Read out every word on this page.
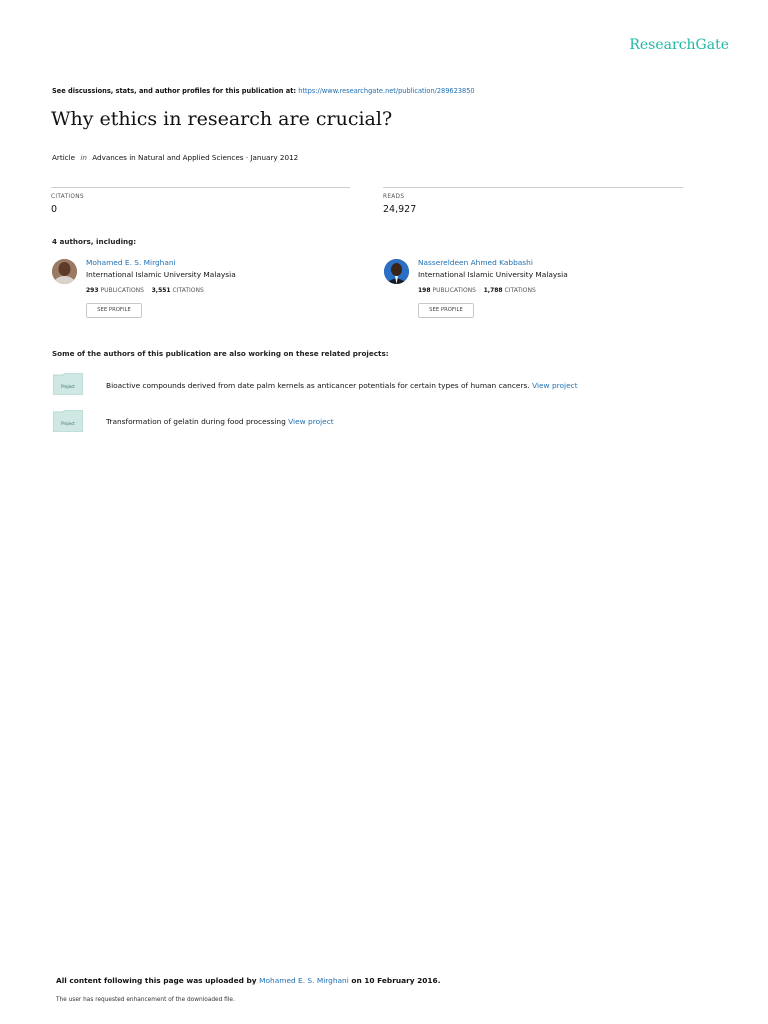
ResearchGate
See discussions, stats, and author profiles for this publication at: https://www.researchgate.net/publication/289623850
Why ethics in research are crucial?
Article in Advances in Natural and Applied Sciences · January 2012
CITATIONS
0
READS
24,927
4 authors, including:
Mohamed E. S. Mirghani
International Islamic University Malaysia
293 PUBLICATIONS 3,551 CITATIONS
SEE PROFILE
Nassereldeen Ahmed Kabbashi
International Islamic University Malaysia
198 PUBLICATIONS 1,788 CITATIONS
SEE PROFILE
Some of the authors of this publication are also working on these related projects:
Project	Bioactive compounds derived from date palm kernels as anticancer potentials for certain types of human cancers. View project
Project	Transformation of gelatin during food processing View project
All content following this page was uploaded by Mohamed E. S. Mirghani on 10 February 2016.
The user has requested enhancement of the downloaded file.
